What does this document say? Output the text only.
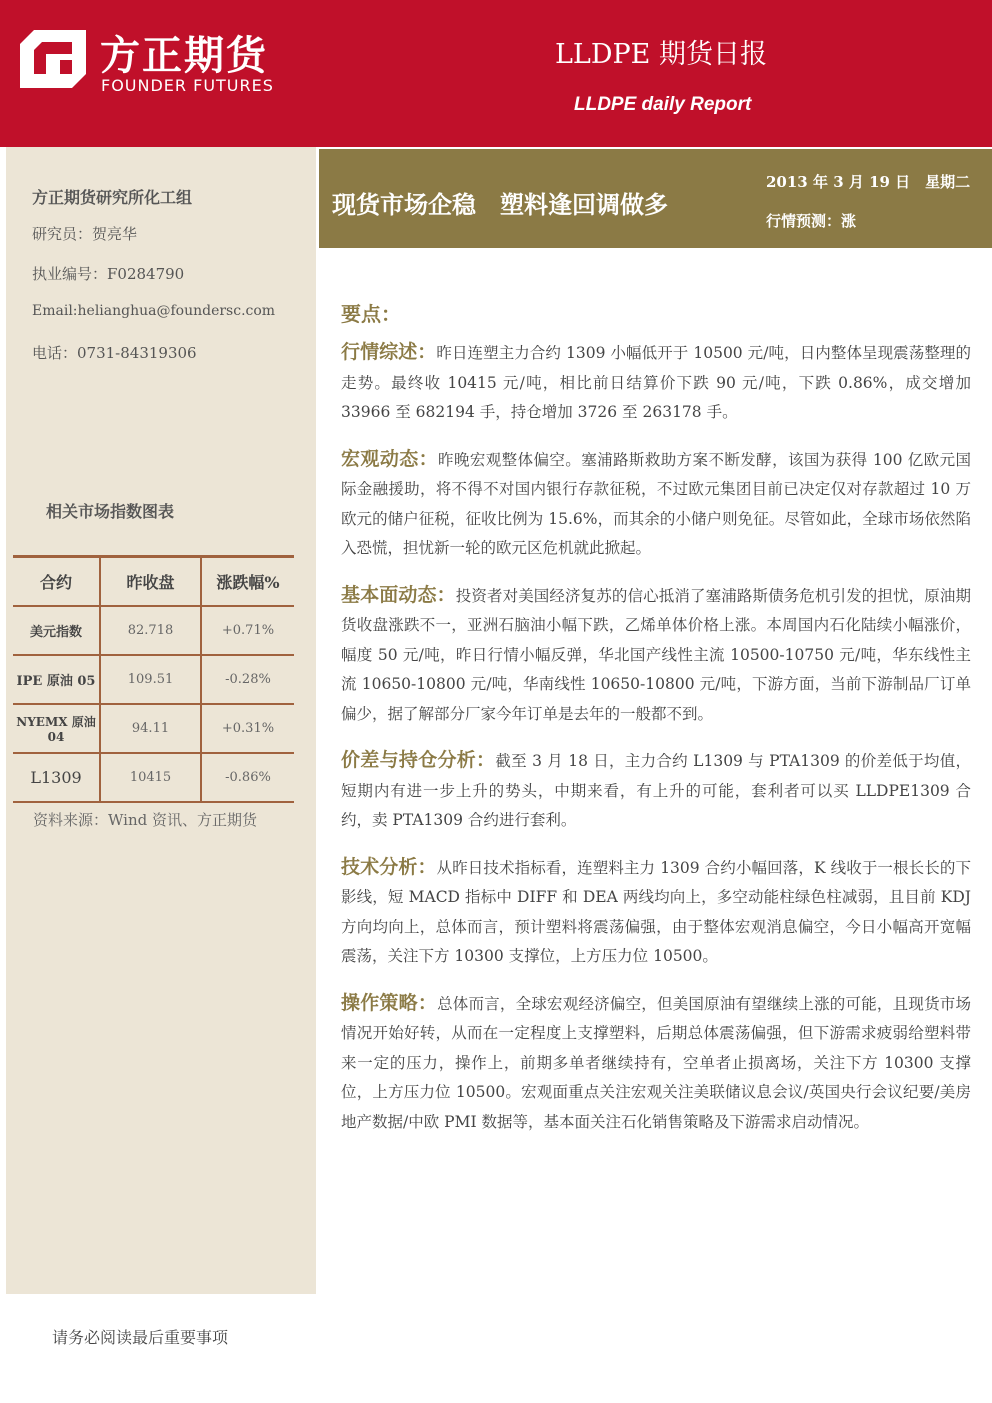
方正期货
FOUNDER FUTURES
LLDPE 期货日报
LLDPE daily Report
方正期货研究所化工组
研究员：贺亮华
执业编号：F0284790
Email:helianghua@foundersc.com
电话：0731-84319306
相关市场指数图表
合约	昨收盘	涨跌幅%
美元指数	82.718	+0.71%
IPE 原油 05	109.51	-0.28%
NYEMX 原油 04	94.11	+0.31%
L1309	10415	-0.86%
资料来源：Wind 资讯、方正期货
现货市场企稳　塑料逢回调做多
2013 年 3 月 19 日　星期二
行情预测：涨
要点：

行情综述：昨日连塑主力合约 1309 小幅低开于 10500 元/吨，日内整体呈现震荡整理的走势。最终收 10415 元/吨，相比前日结算价下跌 90 元/吨，下跌 0.86%，成交增加 33966 至 682194 手，持仓增加 3726 至 263178 手。

宏观动态：昨晚宏观整体偏空。塞浦路斯救助方案不断发酵，该国为获得 100 亿欧元国际金融援助，将不得不对国内银行存款征税，不过欧元集团目前已决定仅对存款超过 10 万欧元的储户征税，征收比例为 15.6%，而其余的小储户则免征。尽管如此，全球市场依然陷入恐慌，担忧新一轮的欧元区危机就此掀起。

基本面动态：投资者对美国经济复苏的信心抵消了塞浦路斯债务危机引发的担忧，原油期货收盘涨跌不一，亚洲石脑油小幅下跌，乙烯单体价格上涨。本周国内石化陆续小幅涨价，幅度 50 元/吨，昨日行情小幅反弹，华北国产线性主流 10500-10750 元/吨，华东线性主流 10650-10800 元/吨，华南线性 10650-10800 元/吨，下游方面，当前下游制品厂订单偏少，据了解部分厂家今年订单是去年的一般都不到。

价差与持仓分析：截至 3 月 18 日，主力合约 L1309 与 PTA1309 的价差低于均值，短期内有进一步上升的势头，中期来看，有上升的可能，套利者可以买 LLDPE1309 合约，卖 PTA1309 合约进行套利。

技术分析：从昨日技术指标看，连塑料主力 1309 合约小幅回落，K 线收于一根长长的下影线，短 MACD 指标中 DIFF 和 DEA 两线均向上，多空动能柱绿色柱减弱，且目前 KDJ 方向均向上，总体而言，预计塑料将震荡偏强，由于整体宏观消息偏空，今日小幅高开宽幅震荡，关注下方 10300 支撑位，上方压力位 10500。

操作策略：总体而言，全球宏观经济偏空，但美国原油有望继续上涨的可能，且现货市场情况开始好转，从而在一定程度上支撑塑料，后期总体震荡偏强，但下游需求疲弱给塑料带来一定的压力，操作上，前期多单者继续持有，空单者止损离场，关注下方 10300 支撑位，上方压力位 10500。宏观面重点关注宏观关注美联储议息会议/英国央行会议纪要/美房地产数据/中欧 PMI 数据等，基本面关注石化销售策略及下游需求启动情况。

请务必阅读最后重要事项
